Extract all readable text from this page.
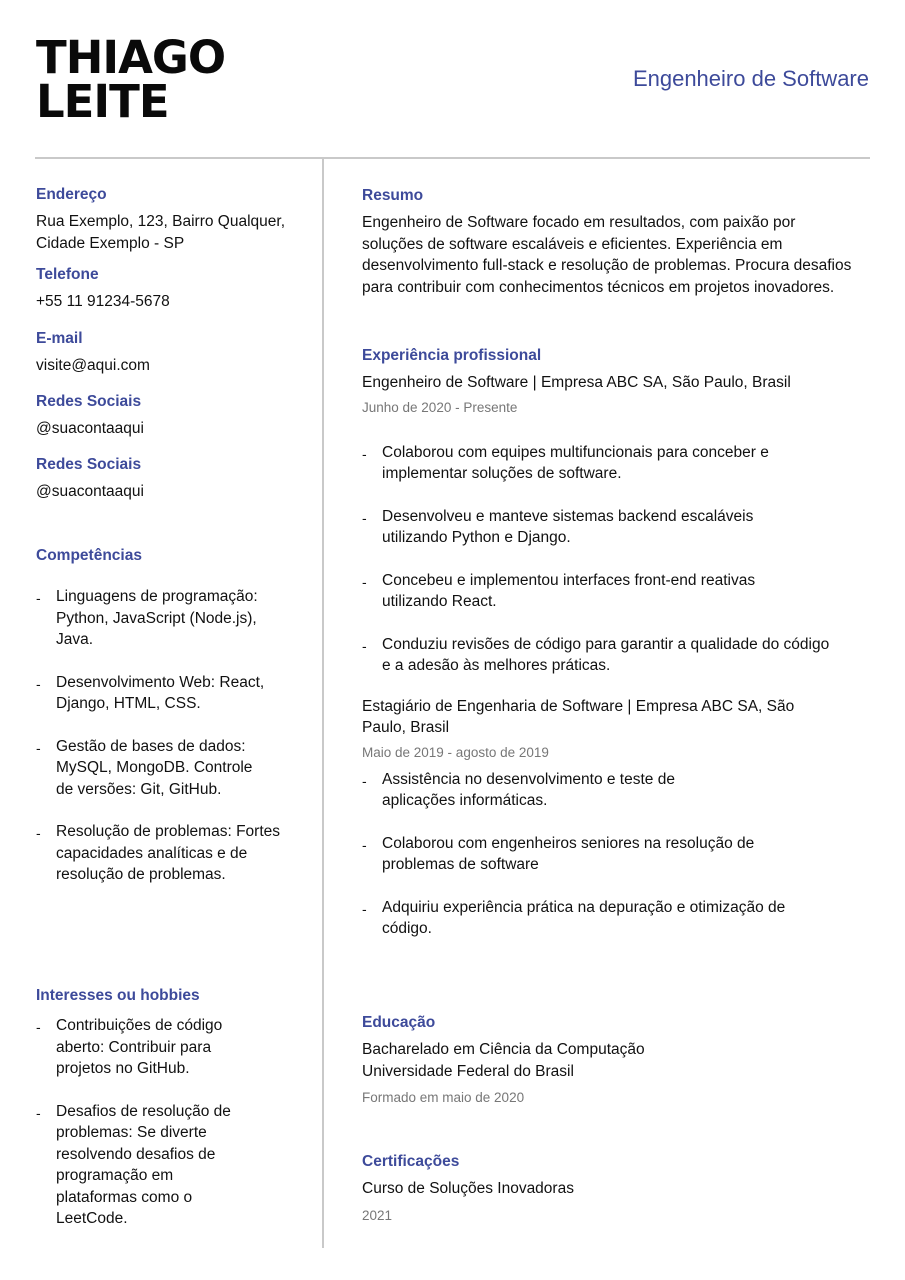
THIAGO
LEITE	Engenheiro de Software
Endereço
Rua Exemplo, 123, Bairro Qualquer, Cidade Exemplo - SP
Telefone
+55 11 91234-5678
E-mail
visite@aqui.com
Redes Sociais
@suacontaaqui
Redes Sociais
@suacontaaqui
Competências
- Linguagens de programação: Python, JavaScript (Node.js), Java.
- Desenvolvimento Web: React, Django, HTML, CSS.
- Gestão de bases de dados: MySQL, MongoDB. Controle de versões: Git, GitHub.
- Resolução de problemas: Fortes capacidades analíticas e de resolução de problemas.
Interesses ou hobbies
- Contribuições de código aberto: Contribuir para projetos no GitHub.
- Desafios de resolução de problemas: Se diverte resolvendo desafios de programação em plataformas como o LeetCode.
Resumo
Engenheiro de Software focado em resultados, com paixão por soluções de software escaláveis e eficientes. Experiência em desenvolvimento full-stack e resolução de problemas. Procura desafios para contribuir com conhecimentos técnicos em projetos inovadores.
Experiência profissional
Engenheiro de Software | Empresa ABC SA, São Paulo, Brasil
Junho de 2020 - Presente
- Colaborou com equipes multifuncionais para conceber e implementar soluções de software.
- Desenvolveu e manteve sistemas backend escaláveis utilizando Python e Django.
- Concebeu e implementou interfaces front-end reativas utilizando React.
- Conduziu revisões de código para garantir a qualidade do código e a adesão às melhores práticas.
Estagiário de Engenharia de Software | Empresa ABC SA, São Paulo, Brasil
Maio de 2019 - agosto de 2019
- Assistência no desenvolvimento e teste de aplicações informáticas.
- Colaborou com engenheiros seniores na resolução de problemas de software
- Adquiriu experiência prática na depuração e otimização de código.
Educação
Bacharelado em Ciência da Computação
Universidade Federal do Brasil
Formado em maio de 2020
Certificações
Curso de Soluções Inovadoras
2021
